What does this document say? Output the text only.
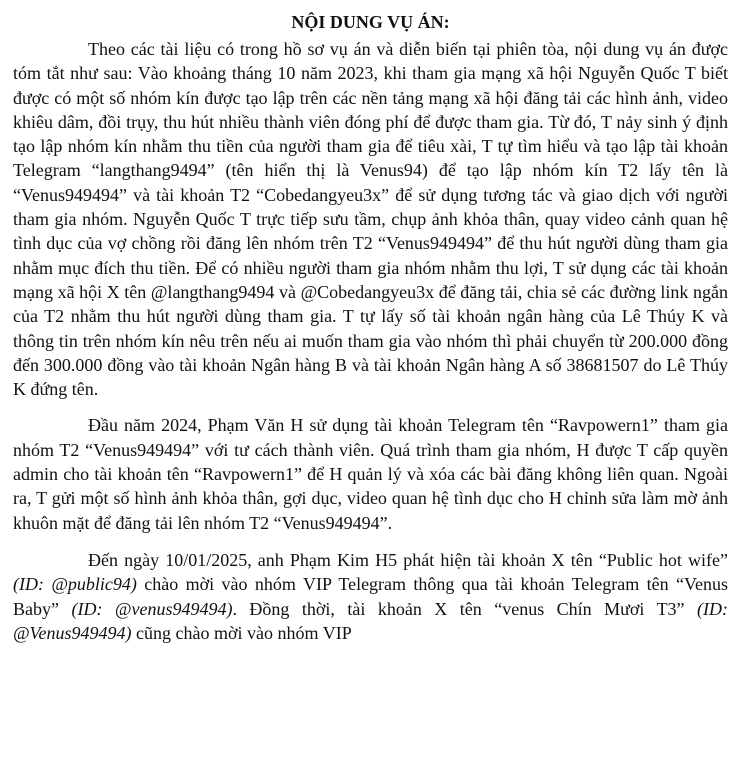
NỘI DUNG VỤ ÁN:

Theo các tài liệu có trong hồ sơ vụ án và diễn biến tại phiên tòa, nội dung vụ án được tóm tắt như sau: Vào khoảng tháng 10 năm 2023, khi tham gia mạng xã hội Nguyễn Quốc T biết được có một số nhóm kín được tạo lập trên các nền tảng mạng xã hội đăng tải các hình ảnh, video khiêu dâm, đồi trụy, thu hút nhiều thành viên đóng phí để được tham gia. Từ đó, T nảy sinh ý định tạo lập nhóm kín nhằm thu tiền của người tham gia để tiêu xài, T tự tìm hiểu và tạo lập tài khoản Telegram “langthang9494” (tên hiển thị là Venus94) để tạo lập nhóm kín T2 lấy tên là “Venus949494” và tài khoản T2 “Cobedangyeu3x” để sử dụng tương tác và giao dịch với người tham gia nhóm. Nguyễn Quốc T trực tiếp sưu tầm, chụp ảnh khỏa thân, quay video cảnh quan hệ tình dục của vợ chồng rồi đăng lên nhóm trên T2 “Venus949494” để thu hút người dùng tham gia nhằm mục đích thu tiền. Để có nhiều người tham gia nhóm nhằm thu lợi, T sử dụng các tài khoản mạng xã hội X tên @langthang9494 và @Cobedangyeu3x để đăng tải, chia sẻ các đường link ngắn của T2 nhằm thu hút người dùng tham gia. T tự lấy số tài khoản ngân hàng của Lê Thúy K và thông tin trên nhóm kín nêu trên nếu ai muốn tham gia vào nhóm thì phải chuyển từ 200.000 đồng đến 300.000 đồng vào tài khoản Ngân hàng B và tài khoản Ngân hàng A số 38681507 do Lê Thúy K đứng tên.

Đầu năm 2024, Phạm Văn H sử dụng tài khoản Telegram tên “Ravpowern1” tham gia nhóm T2 “Venus949494” với tư cách thành viên. Quá trình tham gia nhóm, H được T cấp quyền admin cho tài khoản tên “Ravpowern1” để H quản lý và xóa các bài đăng không liên quan. Ngoài ra, T gửi một số hình ảnh khỏa thân, gợi dục, video quan hệ tình dục cho H chỉnh sửa làm mờ ảnh khuôn mặt để đăng tải lên nhóm T2 “Venus949494”.

Đến ngày 10/01/2025, anh Phạm Kim H5 phát hiện tài khoản X tên “Public hot wife” (ID: @public94) chào mời vào nhóm VIP Telegram thông qua tài khoản Telegram tên “Venus Baby” (ID: @venus949494). Đồng thời, tài khoản X tên “venus Chín Mươi T3” (ID: @Venus949494) cũng chào mời vào nhóm VIP
